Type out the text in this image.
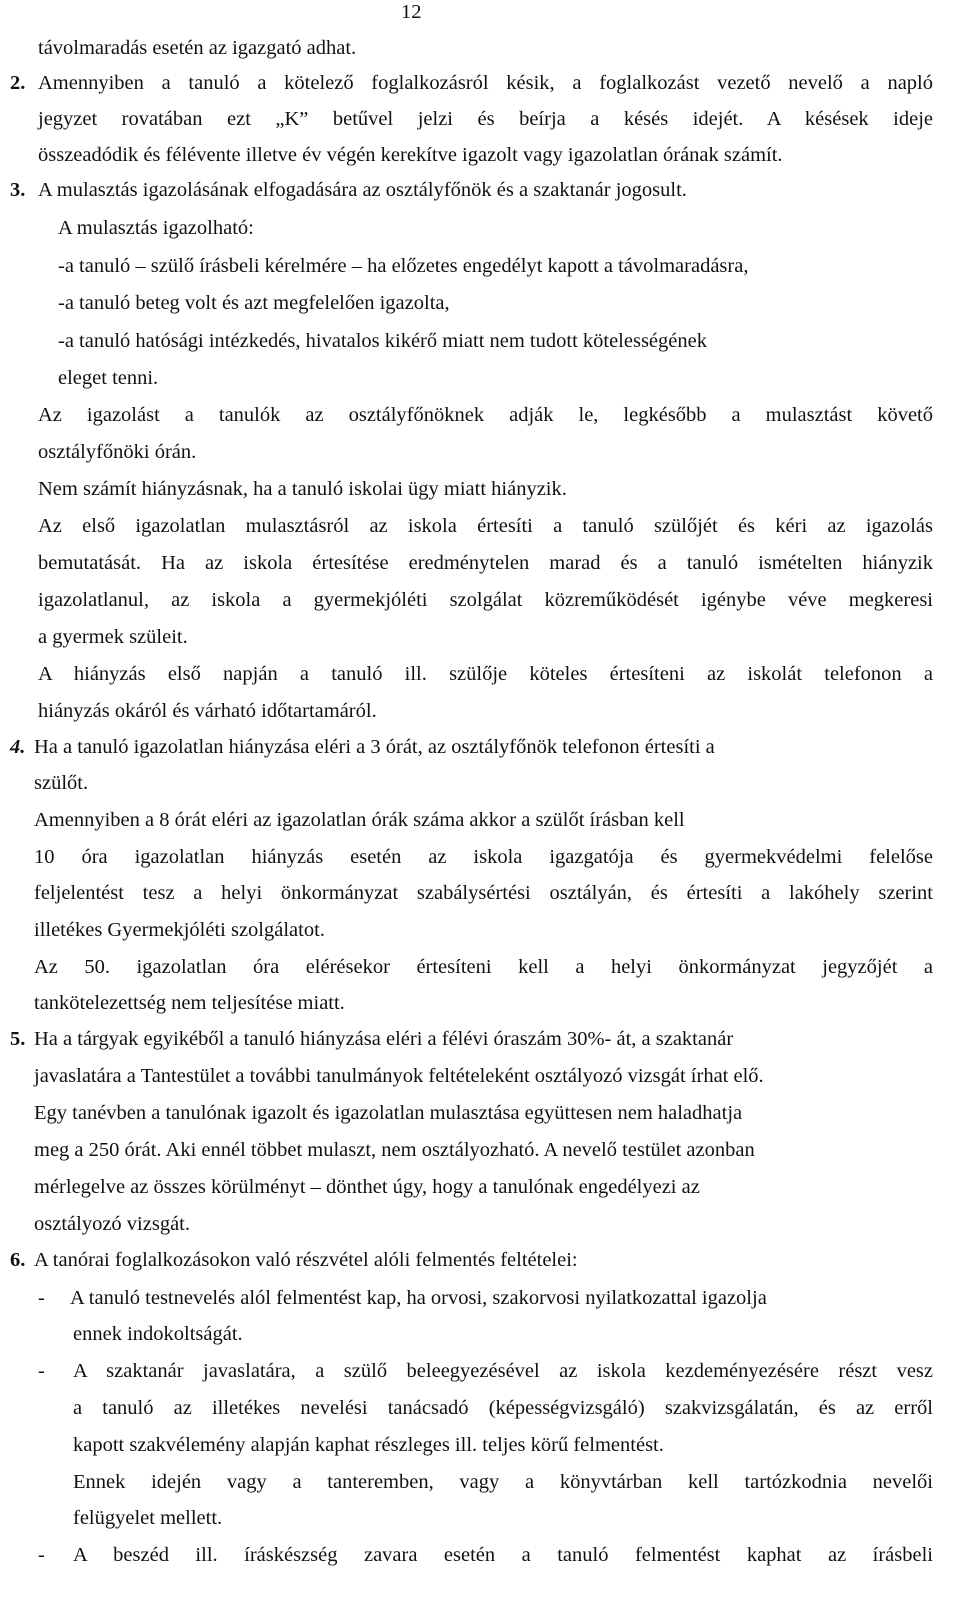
12
távolmaradás esetén az igazgató adhat.
2. Amennyiben a tanuló a kötelező foglalkozásról késik, a foglalkozást vezető nevelő a napló
jegyzet rovatában ezt „K” betűvel jelzi és beírja a késés idejét. A késések ideje
összeadódik és félévente illetve év végén kerekítve igazolt vagy igazolatlan órának számít.
3. A mulasztás igazolásának elfogadására az osztályfőnök és a szaktanár jogosult.
A mulasztás igazolható:
-a tanuló – szülő írásbeli kérelmére – ha előzetes engedélyt kapott a távolmaradásra,
-a tanuló beteg volt és azt megfelelően igazolta,
-a tanuló hatósági intézkedés, hivatalos kikérő miatt nem tudott kötelességének
eleget tenni.
Az igazolást a tanulók az osztályfőnöknek adják le, legkésőbb a mulasztást követő
osztályfőnöki órán.
Nem számít hiányzásnak, ha a tanuló iskolai ügy miatt hiányzik.
Az első igazolatlan mulasztásról az iskola értesíti a tanuló szülőjét és kéri az igazolás
bemutatását. Ha az iskola értesítése eredménytelen marad és a tanuló ismételten hiányzik
igazolatlanul, az iskola a gyermekjóléti szolgálat közreműködését igénybe véve megkeresi
a gyermek szüleit.
A hiányzás első napján a tanuló ill. szülője köteles értesíteni az iskolát telefonon a
hiányzás okáról és várható időtartamáról.
4. Ha a tanuló igazolatlan hiányzása eléri a 3 órát, az osztályfőnök telefonon értesíti a
szülőt.
Amennyiben a 8 órát eléri az igazolatlan órák száma akkor a szülőt írásban kell
10 óra igazolatlan hiányzás esetén az iskola igazgatója és gyermekvédelmi felelőse
feljelentést tesz a helyi önkormányzat szabálysértési osztályán, és értesíti a lakóhely szerint
illetékes Gyermekjóléti szolgálatot.
Az 50. igazolatlan óra elérésekor értesíteni kell a helyi önkormányzat jegyzőjét a
tankötelezettség nem teljesítése miatt.
5. Ha a tárgyak egyikéből a tanuló hiányzása eléri a félévi óraszám 30%- át, a szaktanár
javaslatára a Tantestület a további tanulmányok feltételeként osztályozó vizsgát írhat elő.
Egy tanévben a tanulónak igazolt és igazolatlan mulasztása együttesen nem haladhatja
meg a 250 órát. Aki ennél többet mulaszt, nem osztályozható. A nevelő testület azonban
mérlegelve az összes körülményt – dönthet úgy, hogy a tanulónak engedélyezi az
osztályozó vizsgát.
6. A tanórai foglalkozásokon való részvétel alóli felmentés feltételei:
- A tanuló testnevelés alól felmentést kap, ha orvosi, szakorvosi nyilatkozattal igazolja
ennek indokoltságát.
- A szaktanár javaslatára, a szülő beleegyezésével az iskola kezdeményezésére részt vesz
a tanuló az illetékes nevelési tanácsadó (képességvizsgáló) szakvizsgálatán, és az erről
kapott szakvélemény alapján kaphat részleges ill. teljes körű felmentést.
Ennek idején vagy a tanteremben, vagy a könyvtárban kell tartózkodnia nevelői
felügyelet mellett.
- A beszéd ill. íráskészség zavara esetén a tanuló felmentést kaphat az írásbeli
